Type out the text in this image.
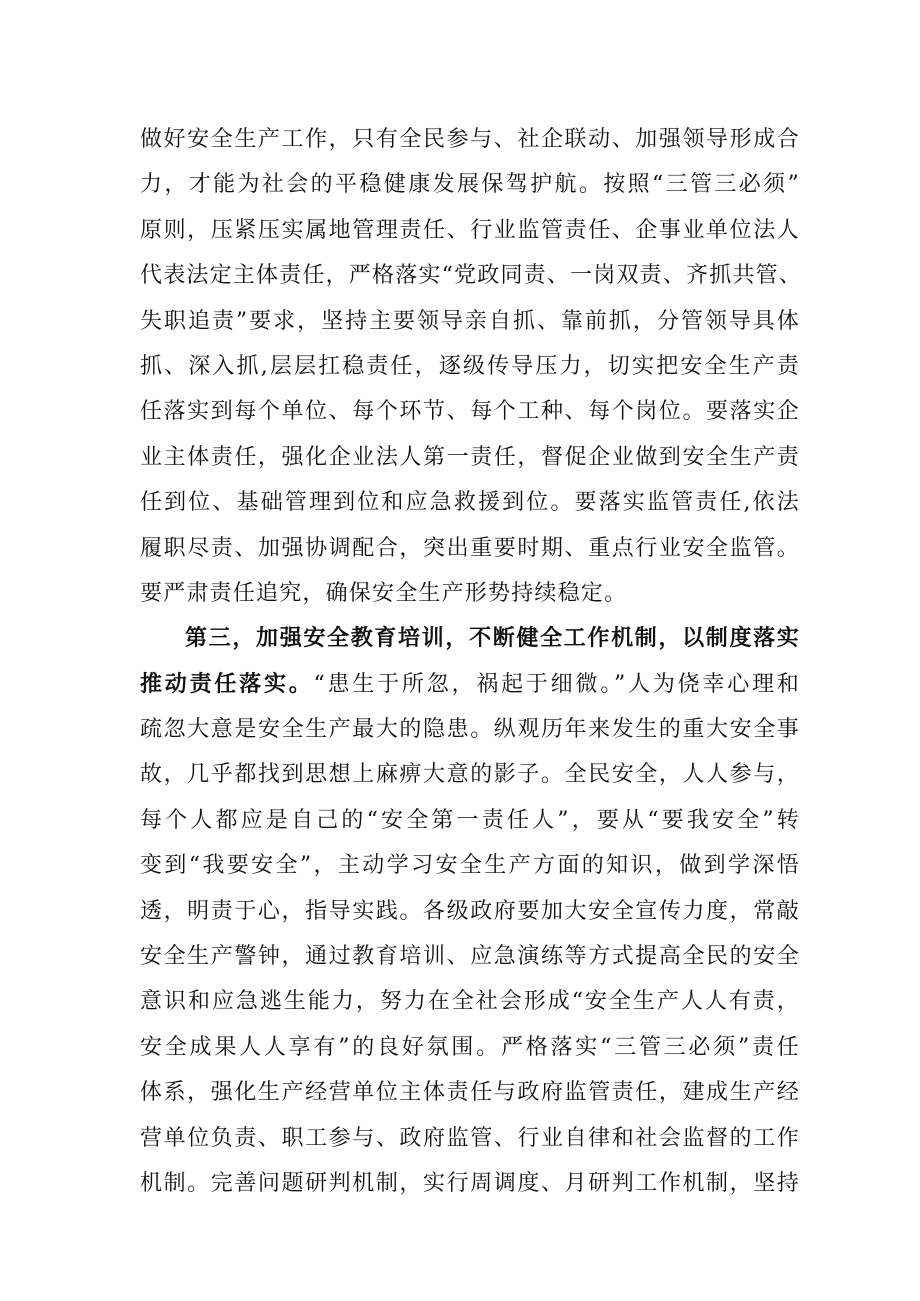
做好安全生产工作，只有全民参与、社企联动、加强领导形成合
力，才能为社会的平稳健康发展保驾护航。按照“三管三必须”
原则，压紧压实属地管理责任、行业监管责任、企事业单位法人
代表法定主体责任，严格落实“党政同责、一岗双责、齐抓共管、
失职追责”要求，坚持主要领导亲自抓、靠前抓，分管领导具体
抓、深入抓,层层扛稳责任，逐级传导压力，切实把安全生产责
任落实到每个单位、每个环节、每个工种、每个岗位。要落实企
业主体责任，强化企业法人第一责任，督促企业做到安全生产责
任到位、基础管理到位和应急救援到位。要落实监管责任,依法
履职尽责、加强协调配合，突出重要时期、重点行业安全监管。
要严肃责任追究，确保安全生产形势持续稳定。
第三，加强安全教育培训，不断健全工作机制，以制度落实
推动责任落实。“患生于所忽，祸起于细微。”人为侥幸心理和
疏忽大意是安全生产最大的隐患。纵观历年来发生的重大安全事
故，几乎都找到思想上麻痹大意的影子。全民安全，人人参与，
每个人都应是自己的“安全第一责任人”，要从“要我安全”转
变到“我要安全”，主动学习安全生产方面的知识，做到学深悟
透，明责于心，指导实践。各级政府要加大安全宣传力度，常敲
安全生产警钟，通过教育培训、应急演练等方式提高全民的安全
意识和应急逃生能力，努力在全社会形成“安全生产人人有责，
安全成果人人享有”的良好氛围。严格落实“三管三必须”责任
体系，强化生产经营单位主体责任与政府监管责任，建成生产经
营单位负责、职工参与、政府监管、行业自律和社会监督的工作
机制。完善问题研判机制，实行周调度、月研判工作机制，坚持
